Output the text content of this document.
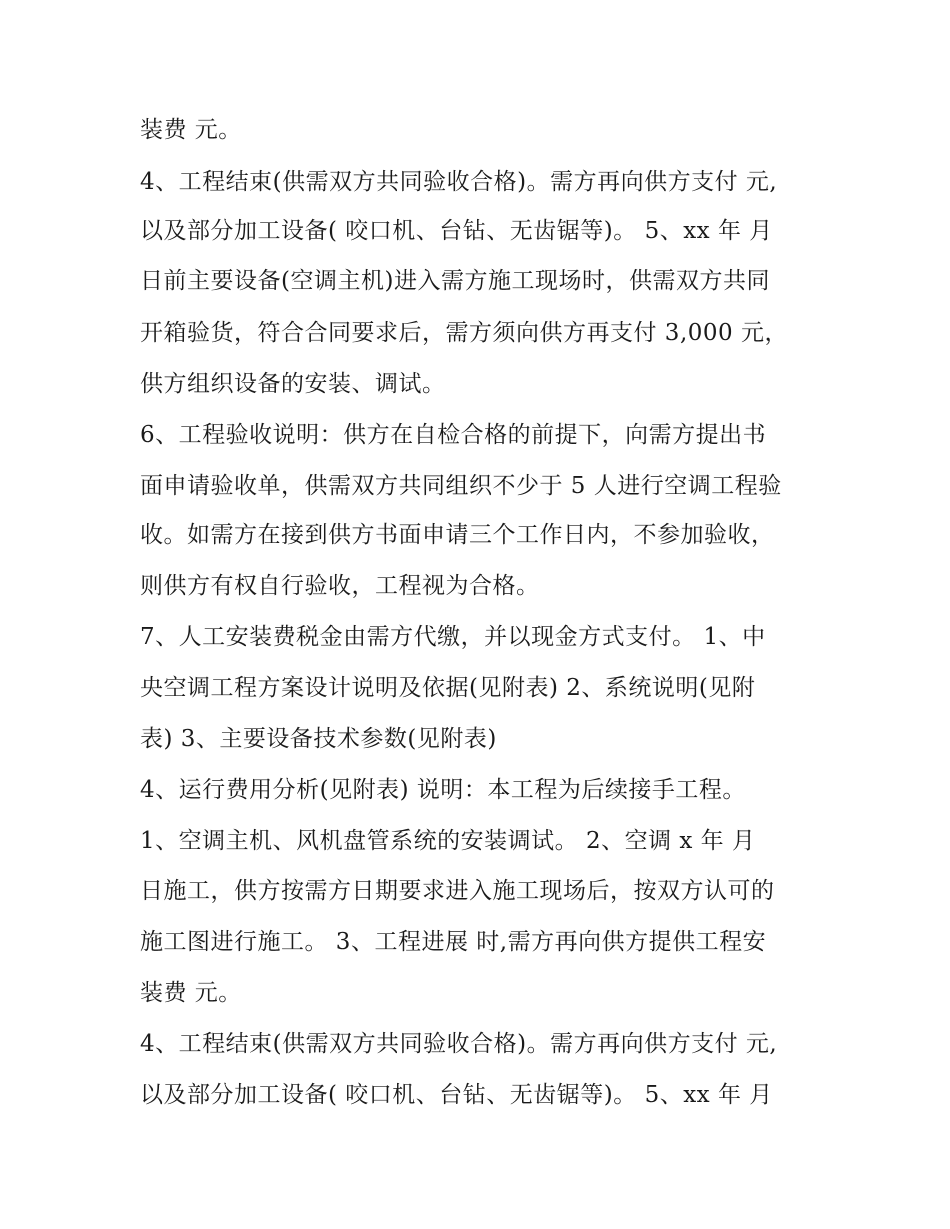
装费 元。
4、工程结束(供需双方共同验收合格)。需方再向供方支付 元,
以及部分加工设备( 咬口机、台钻、无齿锯等)。 5、xx 年 月
日前主要设备(空调主机)进入需方施工现场时，供需双方共同
开箱验货，符合合同要求后，需方须向供方再支付 3,000 元，
供方组织设备的安装、调试。
6、工程验收说明：供方在自检合格的前提下，向需方提出书
面申请验收单，供需双方共同组织不少于 5 人进行空调工程验
收。如需方在接到供方书面申请三个工作日内，不参加验收，
则供方有权自行验收，工程视为合格。
7、人工安装费税金由需方代缴，并以现金方式支付。 1、中
央空调工程方案设计说明及依据(见附表) 2、系统说明(见附
表) 3、主要设备技术参数(见附表)
4、运行费用分析(见附表) 说明：本工程为后续接手工程。
1、空调主机、风机盘管系统的安装调试。 2、空调 x 年 月
日施工，供方按需方日期要求进入施工现场后，按双方认可的
施工图进行施工。 3、工程进展 时,需方再向供方提供工程安
装费 元。
4、工程结束(供需双方共同验收合格)。需方再向供方支付 元,
以及部分加工设备( 咬口机、台钻、无齿锯等)。 5、xx 年 月
